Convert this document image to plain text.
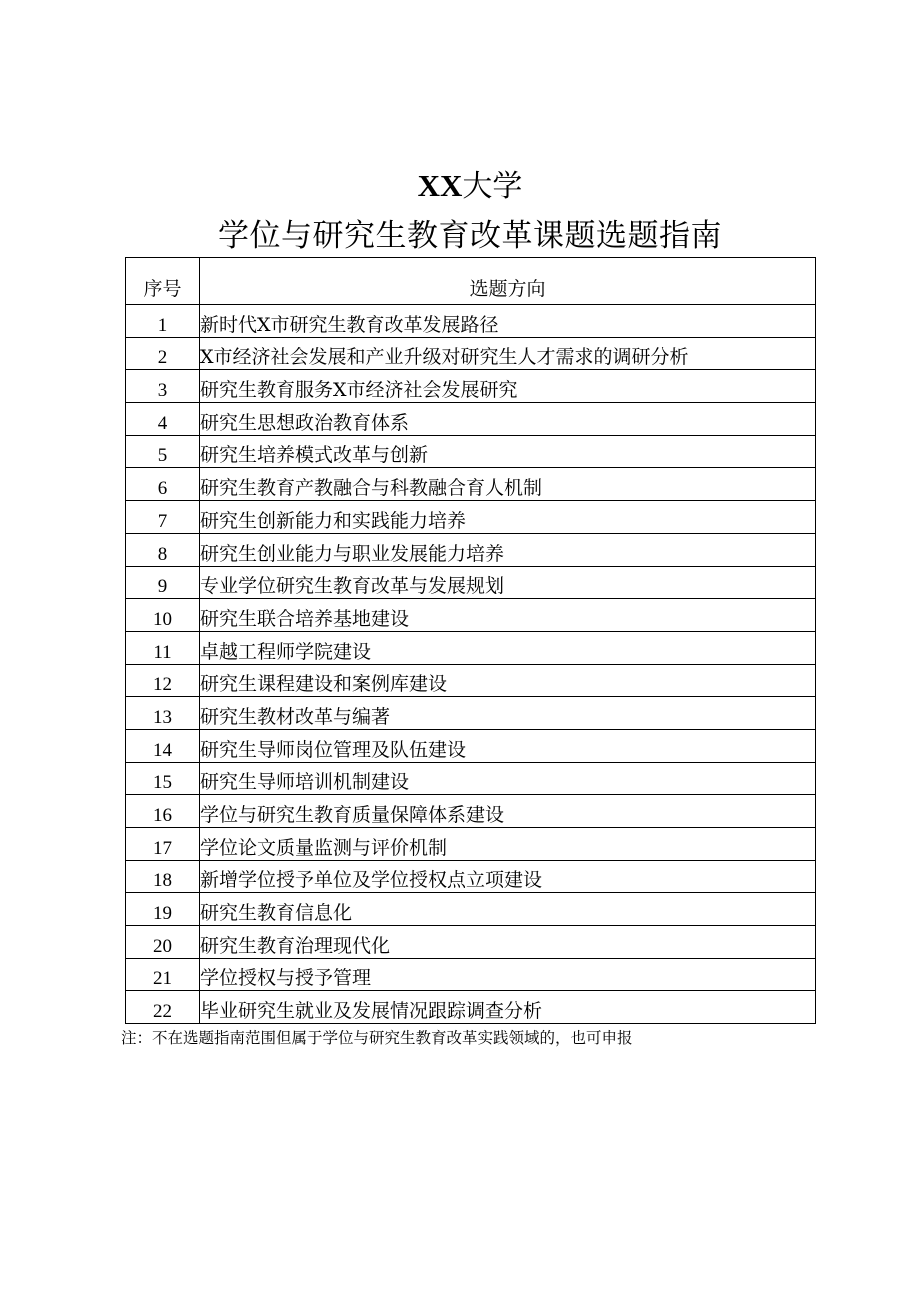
XX大学
学位与研究生教育改革课题选题指南
序号	选题方向
1	新时代X市研究生教育改革发展路径
2	X市经济社会发展和产业升级对研究生人才需求的调研分析
3	研究生教育服务X市经济社会发展研究
4	研究生思想政治教育体系
5	研究生培养模式改革与创新
6	研究生教育产教融合与科教融合育人机制
7	研究生创新能力和实践能力培养
8	研究生创业能力与职业发展能力培养
9	专业学位研究生教育改革与发展规划
10	研究生联合培养基地建设
11	卓越工程师学院建设
12	研究生课程建设和案例库建设
13	研究生教材改革与编著
14	研究生导师岗位管理及队伍建设
15	研究生导师培训机制建设
16	学位与研究生教育质量保障体系建设
17	学位论文质量监测与评价机制
18	新增学位授予单位及学位授权点立项建设
19	研究生教育信息化
20	研究生教育治理现代化
21	学位授权与授予管理
22	毕业研究生就业及发展情况跟踪调查分析
注：不在选题指南范围但属于学位与研究生教育改革实践领域的，也可申报
